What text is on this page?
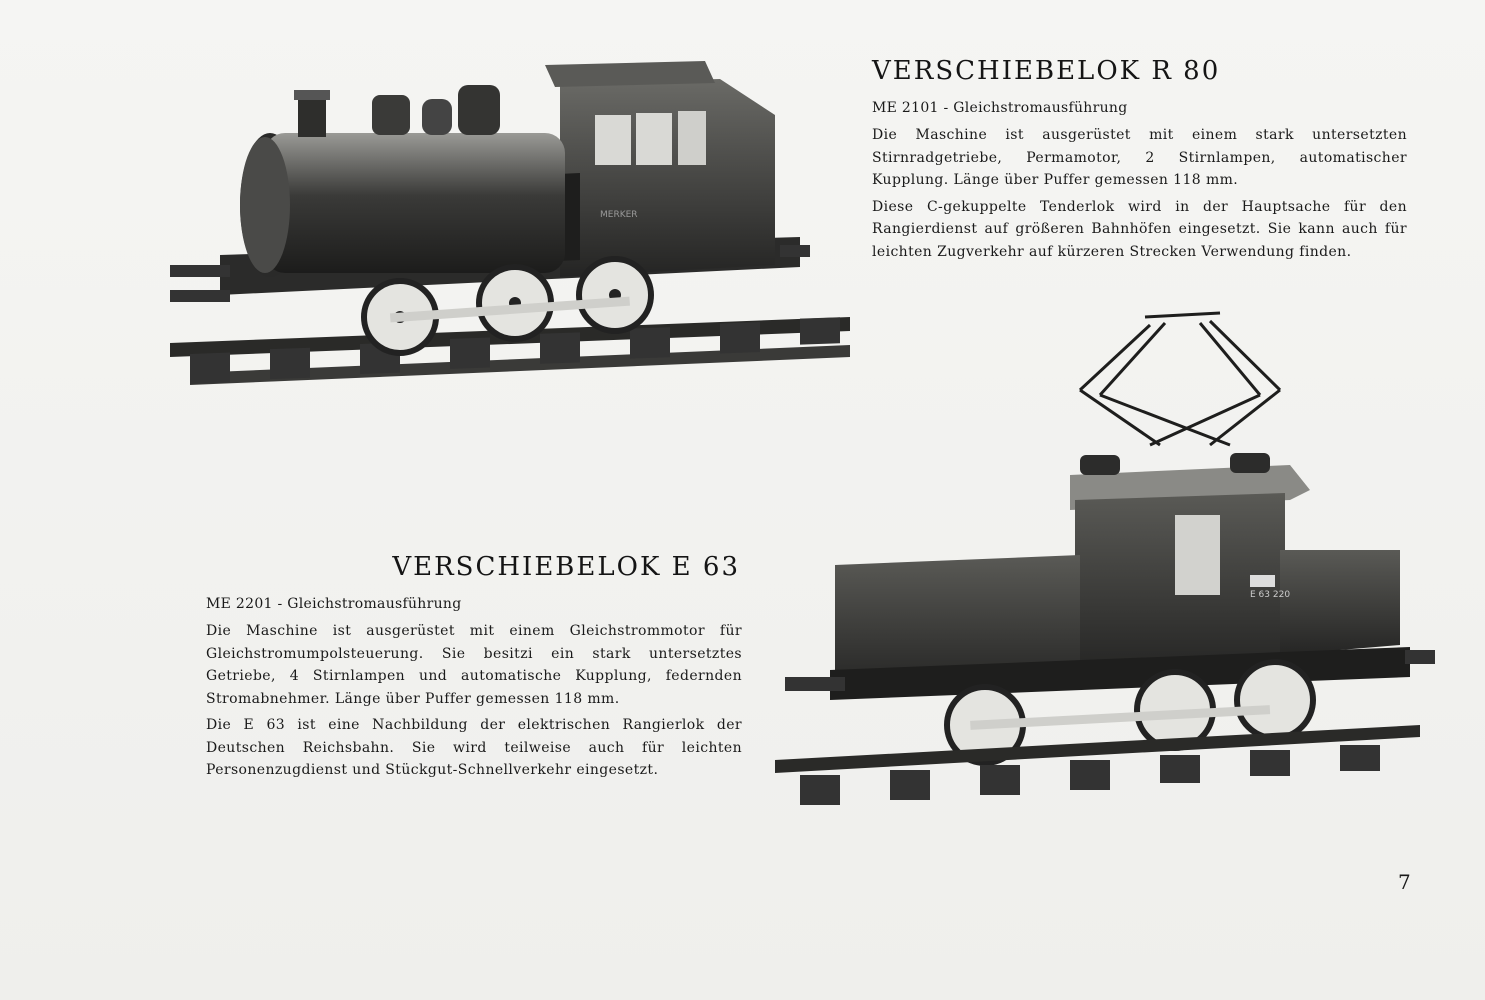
MERKER
VERSCHIEBELOK R 80
ME 2101 - Gleichstromausführung

Die Maschine ist ausgerüstet mit einem stark untersetzten Stirnradgetriebe, Permamotor, 2 Stirnlampen, automatischer Kupplung. Länge über Puffer gemessen 118 mm.

Diese C-gekuppelte Tenderlok wird in der Hauptsache für den Rangierdienst auf größeren Bahnhöfen eingesetzt. Sie kann auch für leichten Zugverkehr auf kürzeren Strecken Verwendung finden.

E 63 220
VERSCHIEBELOK E 63
ME 2201 - Gleichstromausführung

Die Maschine ist ausgerüstet mit einem Gleichstrommotor für Gleichstromumpolsteuerung. Sie besitzi ein stark untersetztes Getriebe, 4 Stirnlampen und automatische Kupplung, federnden Stromabnehmer. Länge über Puffer gemessen 118 mm.

Die E 63 ist eine Nachbildung der elektrischen Rangierlok der Deutschen Reichsbahn. Sie wird teilweise auch für leichten Personenzugdienst und Stückgut-Schnellverkehr eingesetzt.

7
